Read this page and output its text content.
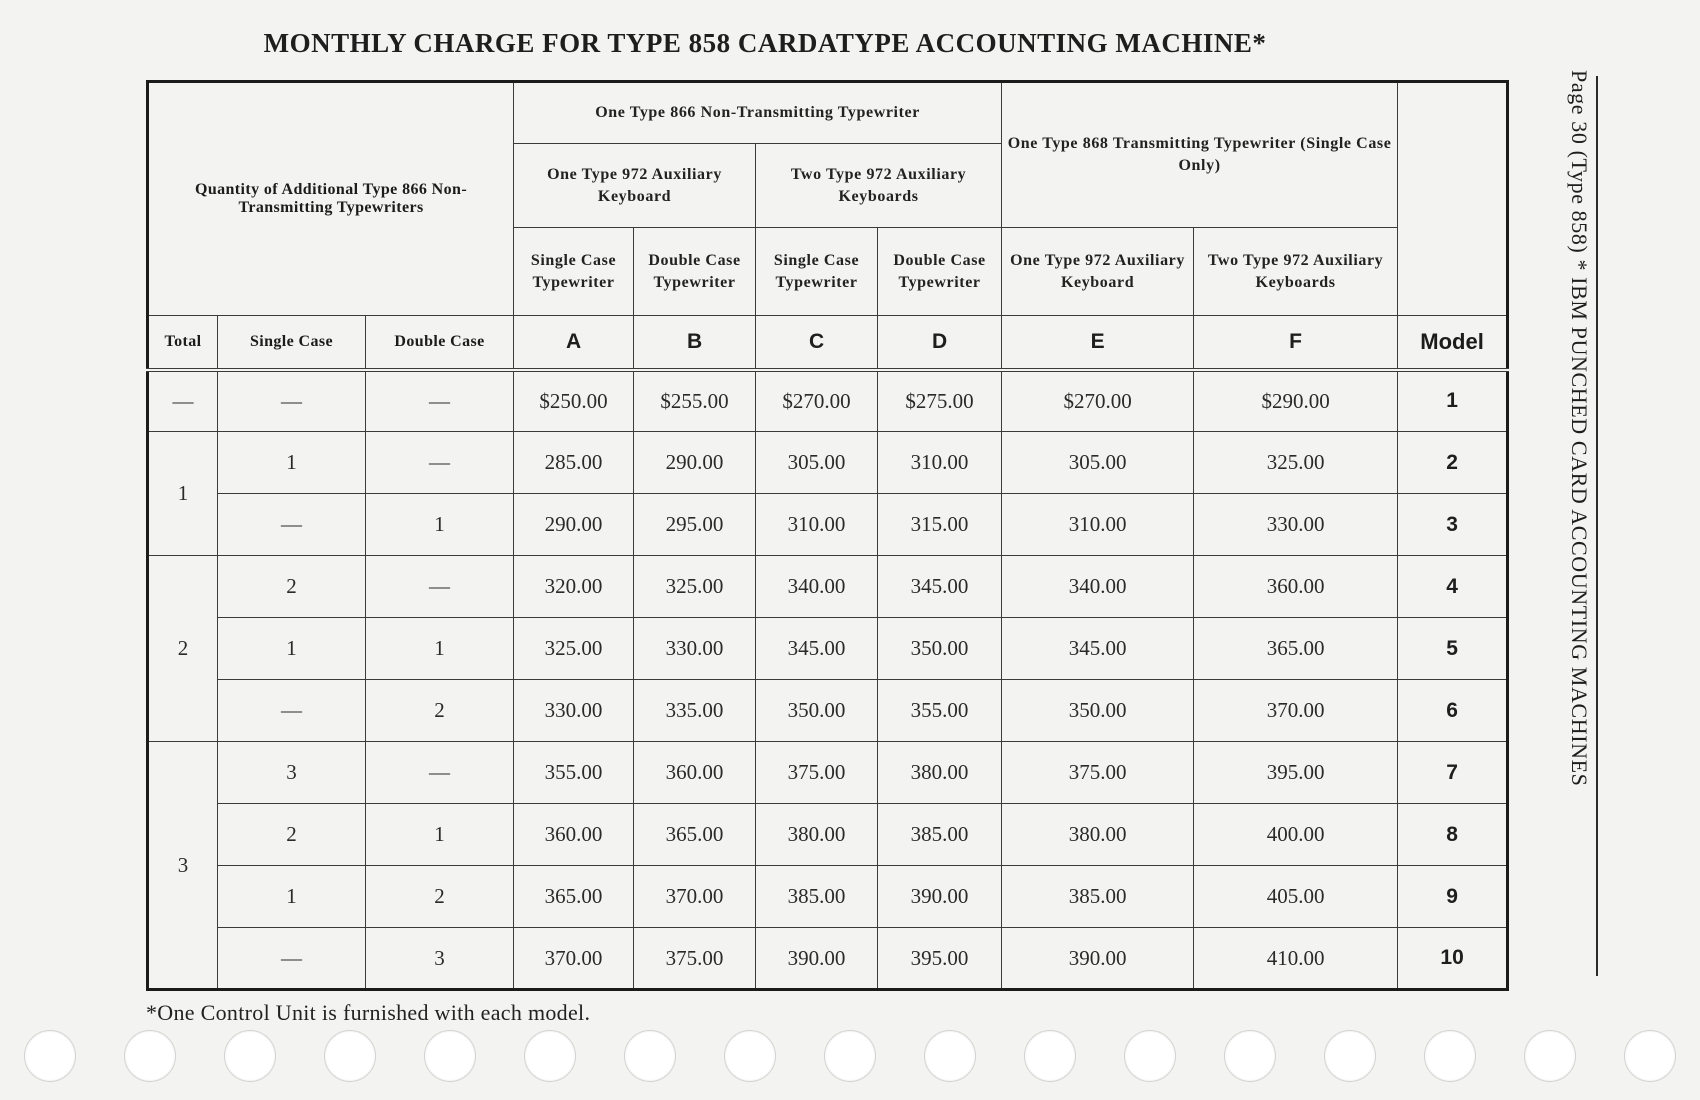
MONTHLY CHARGE FOR TYPE 858 CARDATYPE ACCOUNTING MACHINE*
Quantity of Additional Type 866 Non-Transmitting Typewriters			One Type 866 Non-Transmitting Typewriter				One Type 868 Transmitting Typewriter (Single Case Only)		
			One Type 972 Auxiliary Keyboard		Two Type 972 Auxiliary Keyboards				
			Single Case Typewriter	Double Case Typewriter	Single Case Typewriter	Double Case Typewriter	One Type 972 Auxiliary Keyboard	Two Type 972 Auxiliary Keyboards	
Total	Single Case	Double Case	A	B	C	D	E	F	Model
—	—	—	$250.00	$255.00	$270.00	$275.00	$270.00	$290.00	1
1	1	—	285.00	290.00	305.00	310.00	305.00	325.00	2
	—	1	290.00	295.00	310.00	315.00	310.00	330.00	3
2	2	—	320.00	325.00	340.00	345.00	340.00	360.00	4
	1	1	325.00	330.00	345.00	350.00	345.00	365.00	5
	—	2	330.00	335.00	350.00	355.00	350.00	370.00	6
3	3	—	355.00	360.00	375.00	380.00	375.00	395.00	7
	2	1	360.00	365.00	380.00	385.00	380.00	400.00	8
	1	2	365.00	370.00	385.00	390.00	385.00	405.00	9
	—	3	370.00	375.00	390.00	395.00	390.00	410.00	10
*One Control Unit is furnished with each model.
Page 30 (Type 858) * IBM PUNCHED CARD ACCOUNTING MACHINES
